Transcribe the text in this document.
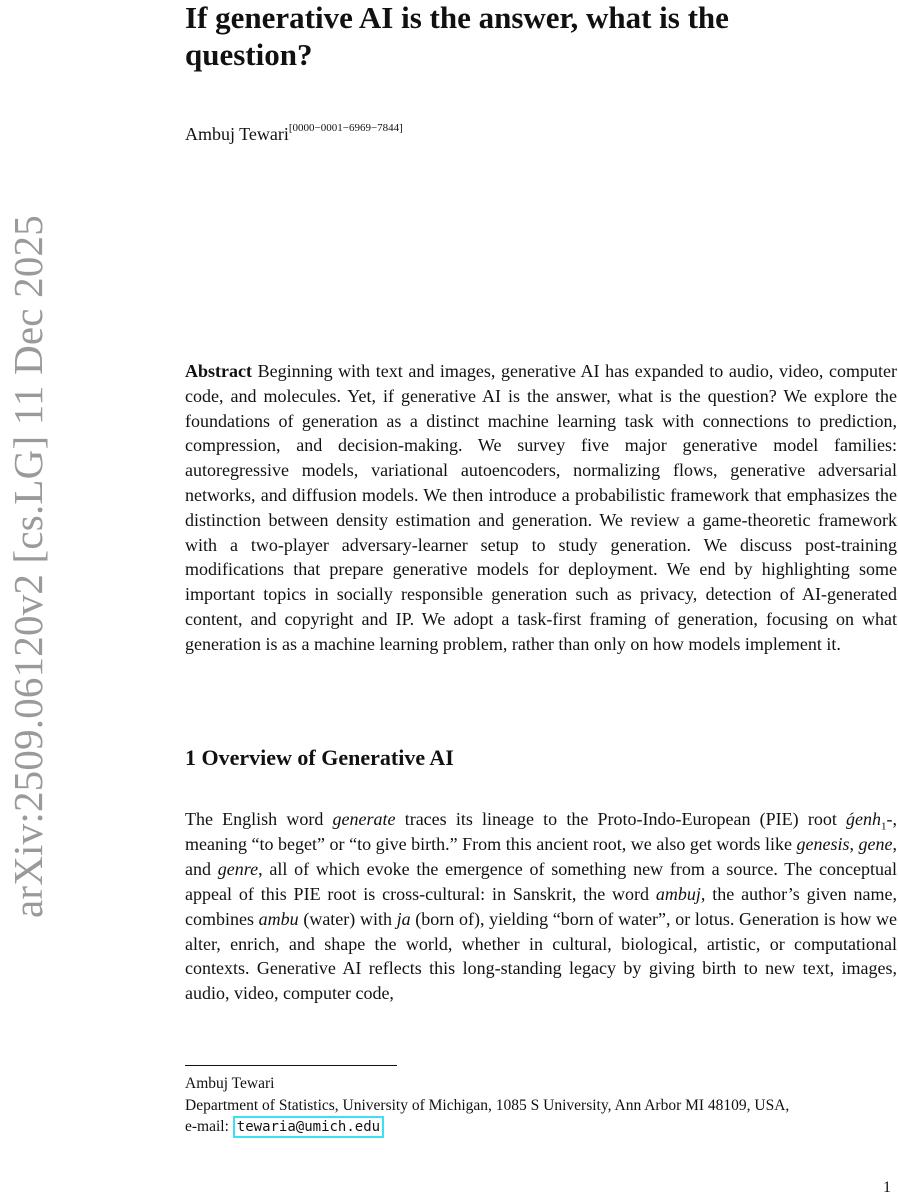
arXiv:2509.06120v2 [cs.LG] 11 Dec 2025
If generative AI is the answer, what is the question?
Ambuj Tewari[0000−0001−6969−7844]

Abstract Beginning with text and images, generative AI has expanded to audio, video, computer code, and molecules. Yet, if generative AI is the answer, what is the question? We explore the foundations of generation as a distinct machine learning task with connections to prediction, compression, and decision-making. We survey five major generative model families: autoregressive models, variational autoencoders, normalizing flows, generative adversarial networks, and diffusion models. We then introduce a probabilistic framework that emphasizes the distinction between density estimation and generation. We review a game-theoretic framework with a two-player adversary-learner setup to study generation. We discuss post-training modifications that prepare generative models for deployment. We end by highlighting some important topics in socially responsible generation such as privacy, detection of AI-generated content, and copyright and IP. We adopt a task-first framing of generation, focusing on what generation is as a machine learning problem, rather than only on how models implement it.

1 Overview of Generative AI

The English word generate traces its lineage to the Proto-Indo-European (PIE) root ǵenh$_1$-, meaning “to beget” or “to give birth.” From this ancient root, we also get words like genesis, gene, and genre, all of which evoke the emergence of something new from a source. The conceptual appeal of this PIE root is cross-cultural: in Sanskrit, the word ambuj, the author’s given name, combines ambu (water) with ja (born of), yielding “born of water”, or lotus. Generation is how we alter, enrich, and shape the world, whether in cultural, biological, artistic, or computational contexts. Generative AI reflects this long-standing legacy by giving birth to new text, images, audio, video, computer code,

Ambuj Tewari
Department of Statistics, University of Michigan, 1085 S University, Ann Arbor MI 48109, USA,
e-mail: tewaria@umich.edu
1
